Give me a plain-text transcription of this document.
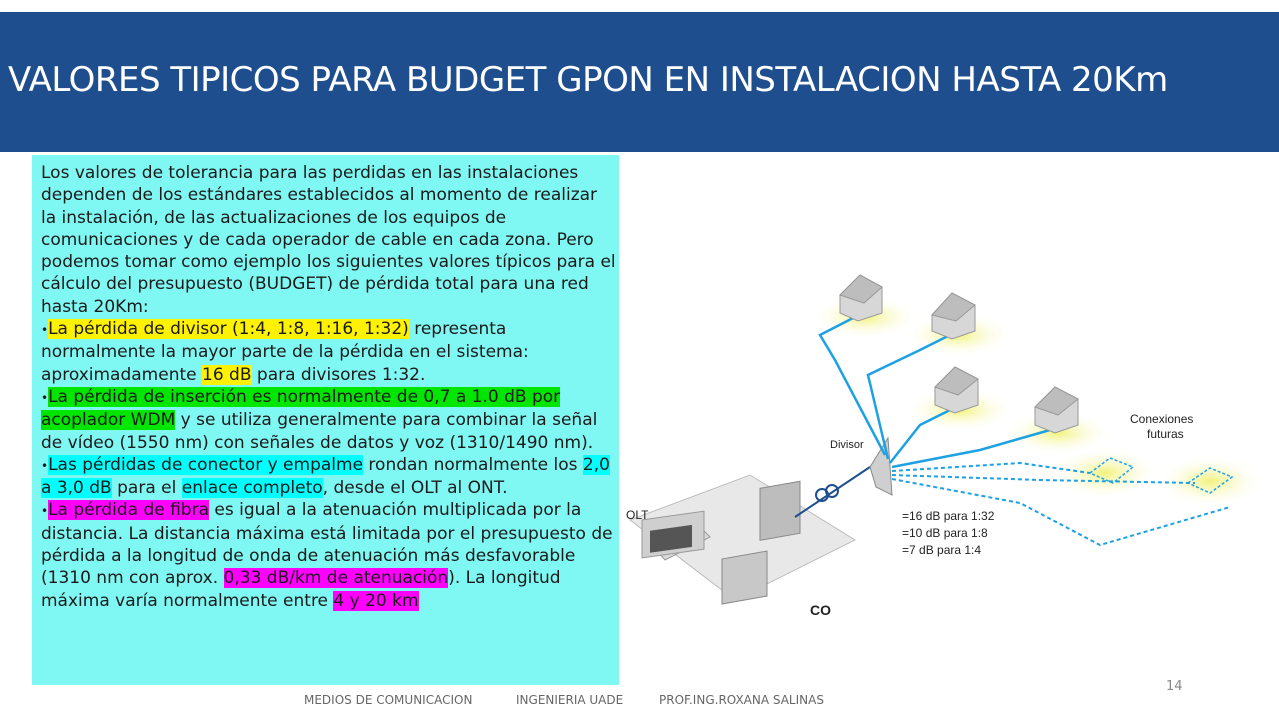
VALORES TIPICOS PARA BUDGET GPON EN INSTALACION HASTA 20Km

Los valores de tolerancia para las perdidas en las instalaciones dependen de los estándares establecidos al momento de realizar la instalación, de las actualizaciones de los equipos de comunicaciones y de cada operador de cable en cada zona. Pero podemos tomar como ejemplo los siguientes valores típicos para el cálculo del presupuesto (BUDGET) de pérdida total para una red hasta 20Km:

•La pérdida de divisor (1:4, 1:8, 1:16, 1:32) representa normalmente la mayor parte de la pérdida en el sistema: aproximadamente 16 dB para divisores 1:32.

•La pérdida de inserción es normalmente de 0,7 a 1.0 dB por acoplador WDM y se utiliza generalmente para combinar la señal de vídeo (1550 nm) con señales de datos y voz (1310/1490 nm).

•Las pérdidas de conector y empalme rondan normalmente los 2,0 a 3,0 dB para el enlace completo, desde el OLT al ONT.

•La pérdida de fibra es igual a la atenuación multiplicada por la distancia. La distancia máxima está limitada por el presupuesto de pérdida a la longitud de onda de atenuación más desfavorable (1310 nm con aprox. 0,33 dB/km de atenuación). La longitud máxima varía normalmente entre 4 y 20 km

OLT
CO
Divisor
Conexiones
futuras
=16 dB para 1:32
=10 dB para 1:8
=7 dB para 1:4
MEDIOS DE COMUNICACION	INGENIERIA UADE	PROF.ING.ROXANA SALINAS
14
